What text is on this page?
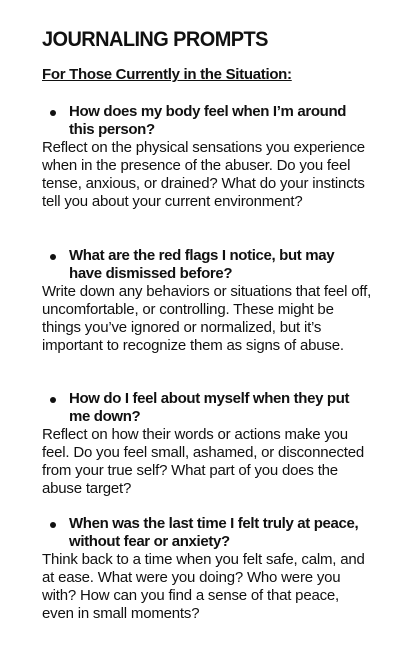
JOURNALING PROMPTS
For Those Currently in the Situation:
How does my body feel when I’m around this person?
Reflect on the physical sensations you experience when in the presence of the abuser. Do you feel tense, anxious, or drained? What do your instincts tell you about your current environment?
What are the red flags I notice, but may have dismissed before?
Write down any behaviors or situations that feel off, uncomfortable, or controlling. These might be things you’ve ignored or normalized, but it’s important to recognize them as signs of abuse.
How do I feel about myself when they put me down?
Reflect on how their words or actions make you feel. Do you feel small, ashamed, or disconnected from your true self? What part of you does the abuse target?
When was the last time I felt truly at peace, without fear or anxiety?
Think back to a time when you felt safe, calm, and at ease. What were you doing? Who were you with? How can you find a sense of that peace, even in small moments?
